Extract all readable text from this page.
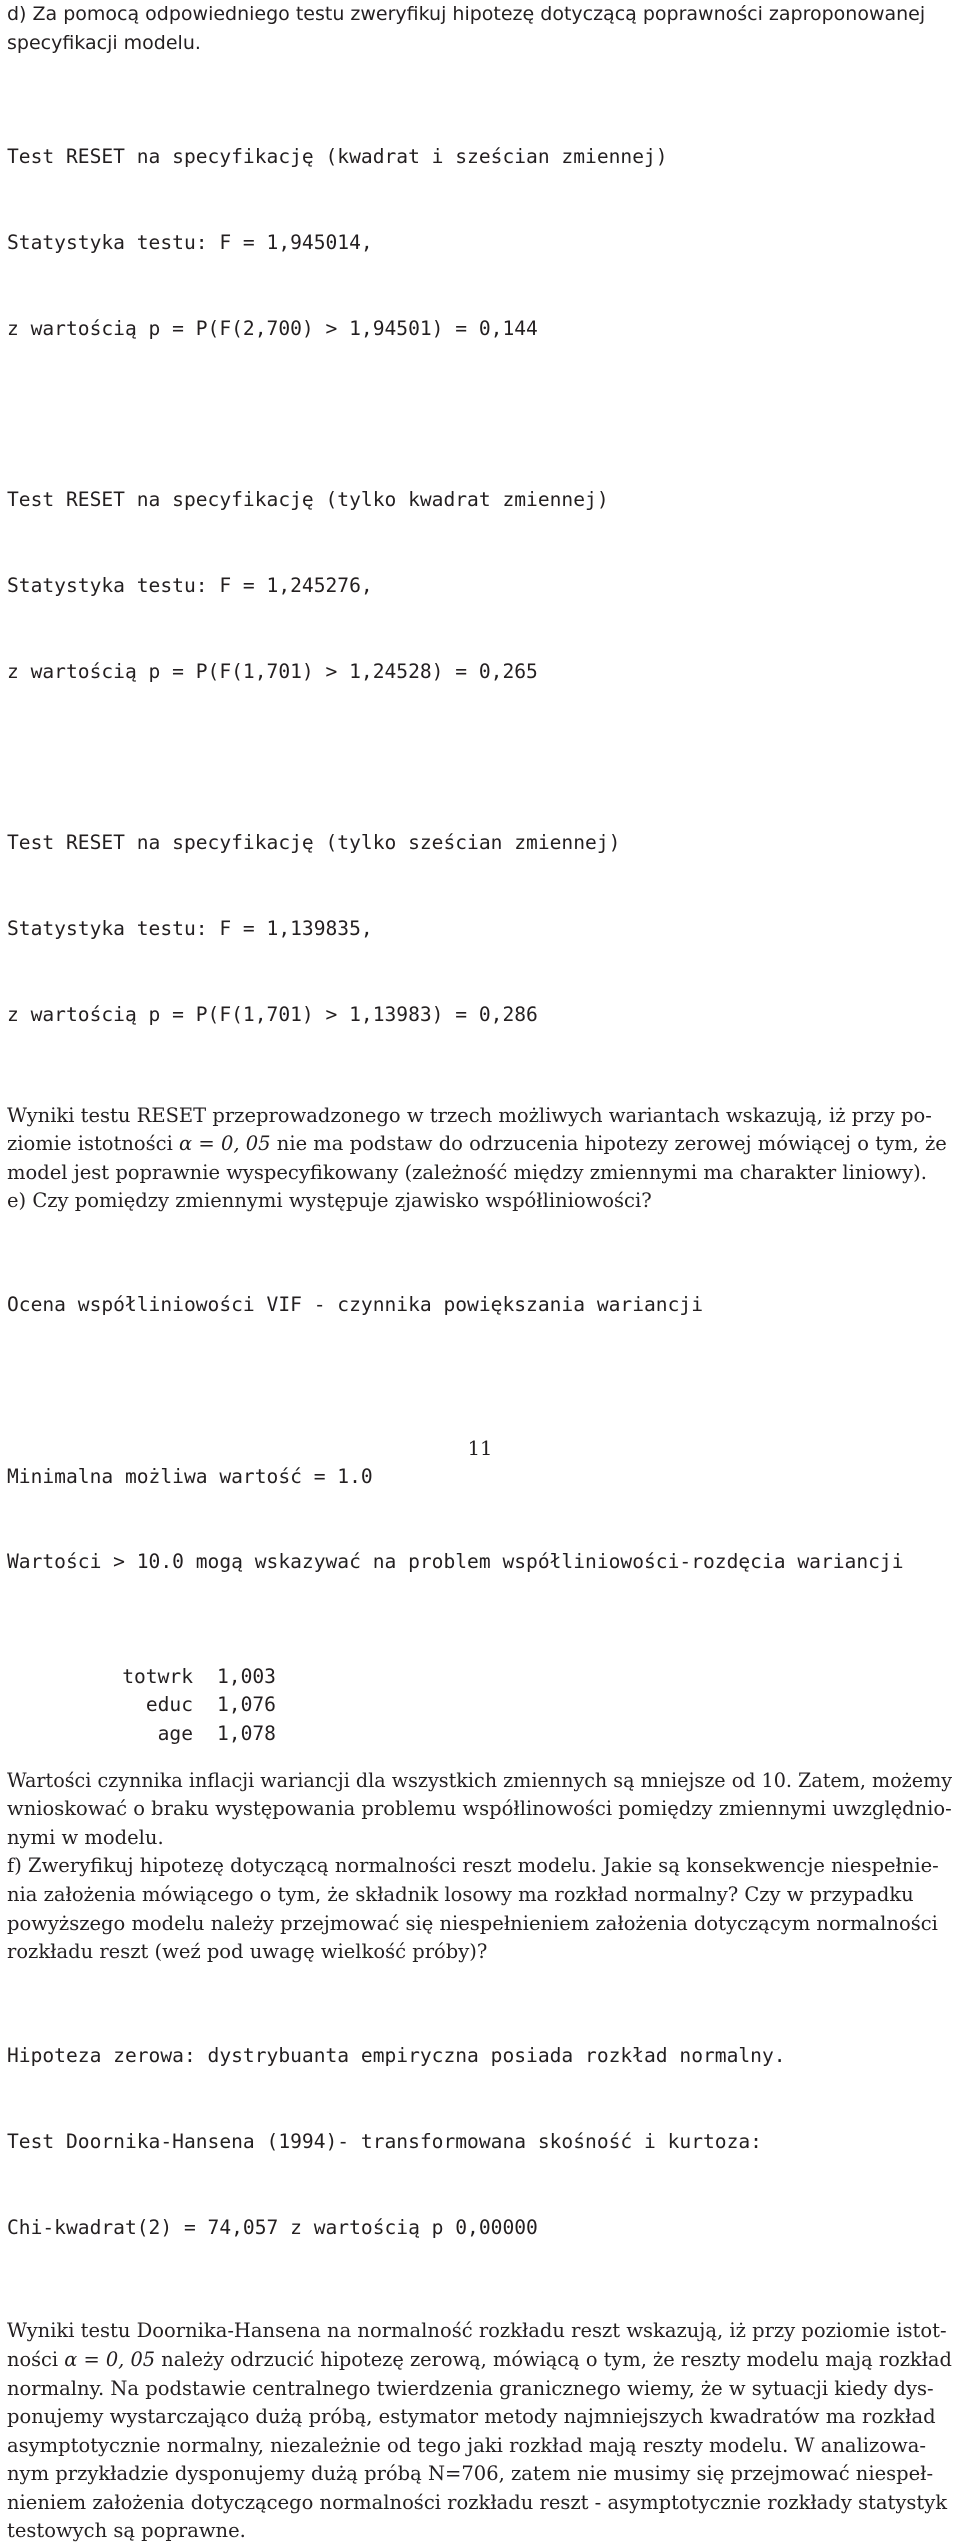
d) Za pomocą odpowiedniego testu zweryfikuj hipotezę dotyczącą poprawności zaproponowanej
specyfikacji modelu.

Test RESET na specyfikację (kwadrat i sześcian zmiennej)

Statystyka testu: F = 1,945014,

z wartością p = P(F(2,700) > 1,94501) = 0,144

Test RESET na specyfikację (tylko kwadrat zmiennej)

Statystyka testu: F = 1,245276,

z wartością p = P(F(1,701) > 1,24528) = 0,265

Test RESET na specyfikację (tylko sześcian zmiennej)

Statystyka testu: F = 1,139835,

z wartością p = P(F(1,701) > 1,13983) = 0,286

Wyniki testu RESET przeprowadzonego w trzech możliwych wariantach wskazują, iż przy po-
ziomie istotności α = 0, 05 nie ma podstaw do odrzucenia hipotezy zerowej mówiącej o tym, że
model jest poprawnie wyspecyfikowany (zależność między zmiennymi ma charakter liniowy).
e) Czy pomiędzy zmiennymi występuje zjawisko współliniowości?

Ocena współliniowości VIF - czynnika powiększania wariancji

Minimalna możliwa wartość = 1.0

Wartości > 10.0 mogą wskazywać na problem współliniowości-rozdęcia wariancji

totwrk	1,003
educ	1,076
age	1,078
Wartości czynnika inflacji wariancji dla wszystkich zmiennych są mniejsze od 10. Zatem, możemy
wnioskować o braku występowania problemu współlinowości pomiędzy zmiennymi uwzględnio-
nymi w modelu.
f) Zweryfikuj hipotezę dotyczącą normalności reszt modelu. Jakie są konsekwencje niespełnie-
nia założenia mówiącego o tym, że składnik losowy ma rozkład normalny? Czy w przypadku
powyższego modelu należy przejmować się niespełnieniem założenia dotyczącym normalności
rozkładu reszt (weź pod uwagę wielkość próby)?

Hipoteza zerowa: dystrybuanta empiryczna posiada rozkład normalny.

Test Doornika-Hansena (1994)- transformowana skośność i kurtoza:

Chi-kwadrat(2) = 74,057 z wartością p 0,00000

Wyniki testu Doornika-Hansena na normalność rozkładu reszt wskazują, iż przy poziomie istot-
ności α = 0, 05 należy odrzucić hipotezę zerową, mówiącą o tym, że reszty modelu mają rozkład
normalny. Na podstawie centralnego twierdzenia granicznego wiemy, że w sytuacji kiedy dys-
ponujemy wystarczająco dużą próbą, estymator metody najmniejszych kwadratów ma rozkład
asymptotycznie normalny, niezależnie od tego jaki rozkład mają reszty modelu. W analizowa-
nym przykładzie dysponujemy dużą próbą N=706, zatem nie musimy się przejmować niespeł-
nieniem założenia dotyczącego normalności rozkładu reszt - asymptotycznie rozkłady statystyk
testowych są poprawne.
11
